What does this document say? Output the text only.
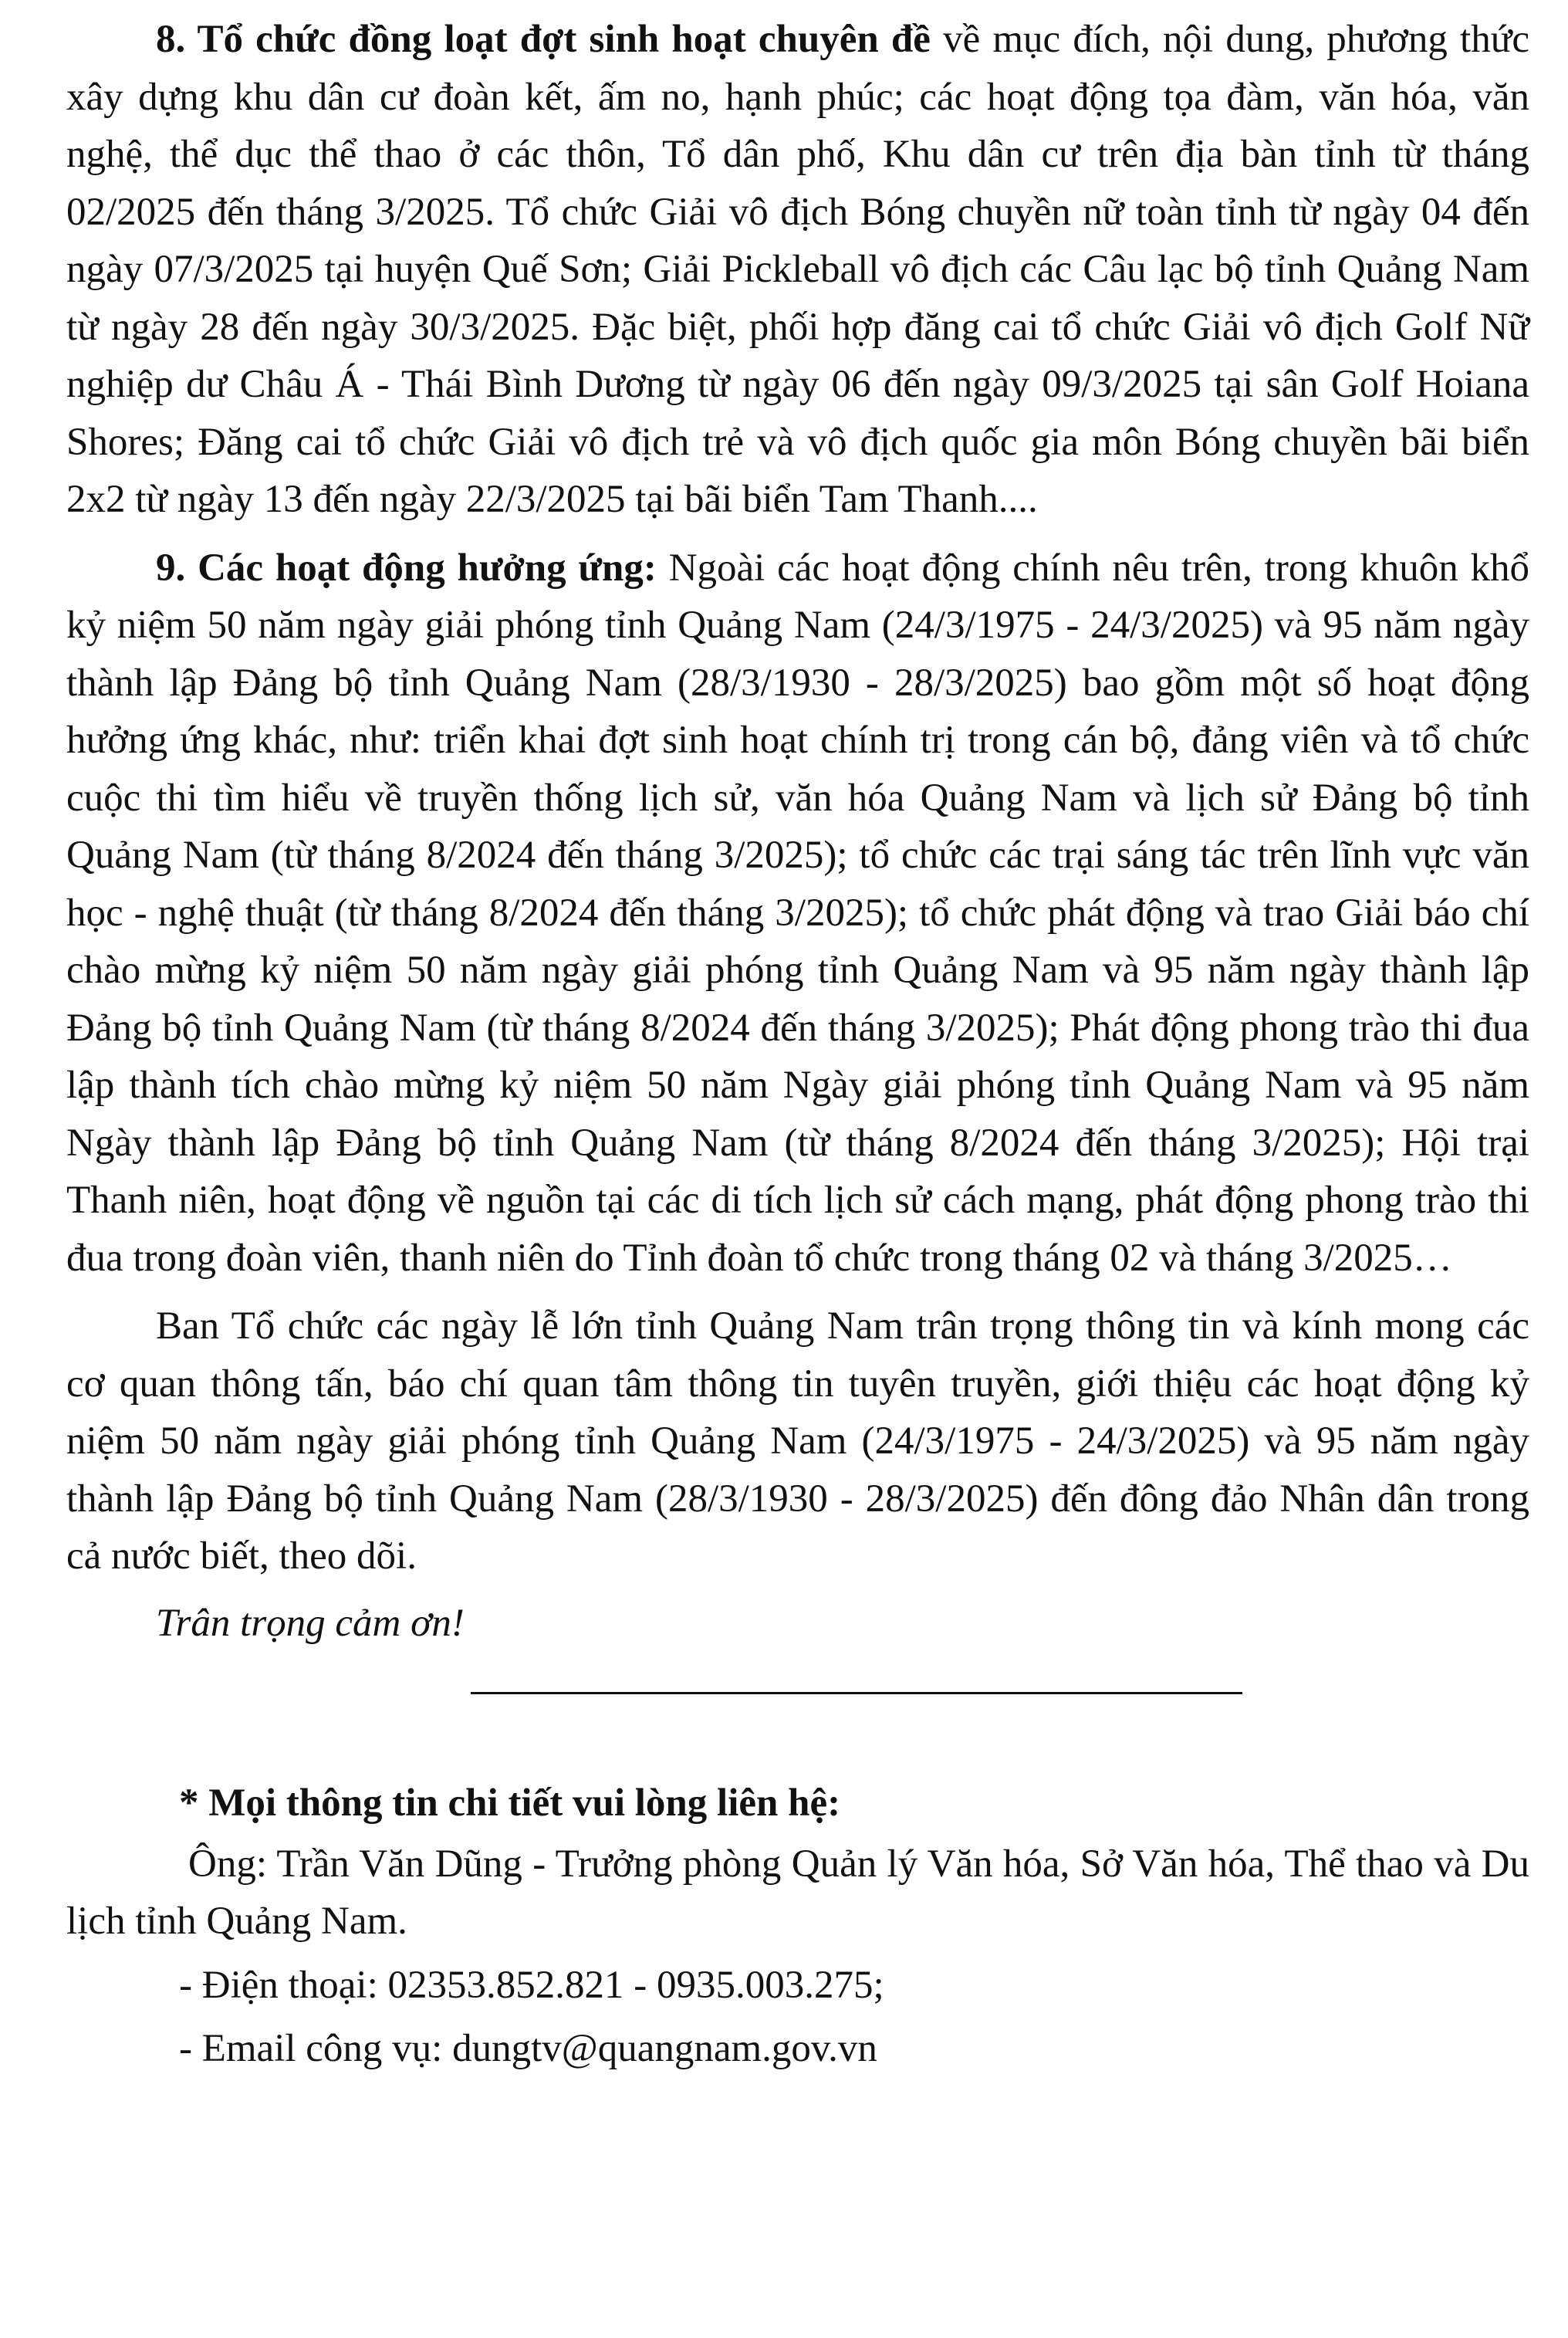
8. Tổ chức đồng loạt đợt sinh hoạt chuyên đề về mục đích, nội dung, phương thức xây dựng khu dân cư đoàn kết, ấm no, hạnh phúc; các hoạt động tọa đàm, văn hóa, văn nghệ, thể dục thể thao ở các thôn, Tổ dân phố, Khu dân cư trên địa bàn tỉnh từ tháng 02/2025 đến tháng 3/2025. Tổ chức Giải vô địch Bóng chuyền nữ toàn tỉnh từ ngày 04 đến ngày 07/3/2025 tại huyện Quế Sơn; Giải Pickleball vô địch các Câu lạc bộ tỉnh Quảng Nam từ ngày 28 đến ngày 30/3/2025. Đặc biệt, phối hợp đăng cai tổ chức Giải vô địch Golf Nữ nghiệp dư Châu Á - Thái Bình Dương từ ngày 06 đến ngày 09/3/2025 tại sân Golf Hoiana Shores; Đăng cai tổ chức Giải vô địch trẻ và vô địch quốc gia môn Bóng chuyền bãi biển 2x2 từ ngày 13 đến ngày 22/3/2025 tại bãi biển Tam Thanh....

9. Các hoạt động hưởng ứng: Ngoài các hoạt động chính nêu trên, trong khuôn khổ kỷ niệm 50 năm ngày giải phóng tỉnh Quảng Nam (24/3/1975 - 24/3/2025) và 95 năm ngày thành lập Đảng bộ tỉnh Quảng Nam (28/3/1930 - 28/3/2025) bao gồm một số hoạt động hưởng ứng khác, như: triển khai đợt sinh hoạt chính trị trong cán bộ, đảng viên và tổ chức cuộc thi tìm hiểu về truyền thống lịch sử, văn hóa Quảng Nam và lịch sử Đảng bộ tỉnh Quảng Nam (từ tháng 8/2024 đến tháng 3/2025); tổ chức các trại sáng tác trên lĩnh vực văn học - nghệ thuật (từ tháng 8/2024 đến tháng 3/2025); tổ chức phát động và trao Giải báo chí chào mừng kỷ niệm 50 năm ngày giải phóng tỉnh Quảng Nam và 95 năm ngày thành lập Đảng bộ tỉnh Quảng Nam (từ tháng 8/2024 đến tháng 3/2025); Phát động phong trào thi đua lập thành tích chào mừng kỷ niệm 50 năm Ngày giải phóng tỉnh Quảng Nam và 95 năm Ngày thành lập Đảng bộ tỉnh Quảng Nam (từ tháng 8/2024 đến tháng 3/2025); Hội trại Thanh niên, hoạt động về nguồn tại các di tích lịch sử cách mạng, phát động phong trào thi đua trong đoàn viên, thanh niên do Tỉnh đoàn tổ chức trong tháng 02 và tháng 3/2025…

Ban Tổ chức các ngày lễ lớn tỉnh Quảng Nam trân trọng thông tin và kính mong các cơ quan thông tấn, báo chí quan tâm thông tin tuyên truyền, giới thiệu các hoạt động kỷ niệm 50 năm ngày giải phóng tỉnh Quảng Nam (24/3/1975 - 24/3/2025) và 95 năm ngày thành lập Đảng bộ tỉnh Quảng Nam (28/3/1930 - 28/3/2025) đến đông đảo Nhân dân trong cả nước biết, theo dõi.

Trân trọng cảm ơn!

* Mọi thông tin chi tiết vui lòng liên hệ:

Ông: Trần Văn Dũng - Trưởng phòng Quản lý Văn hóa, Sở Văn hóa, Thể thao và Du lịch tỉnh Quảng Nam.

- Điện thoại: 02353.852.821 - 0935.003.275;

- Email công vụ: dungtv@quangnam.gov.vn
